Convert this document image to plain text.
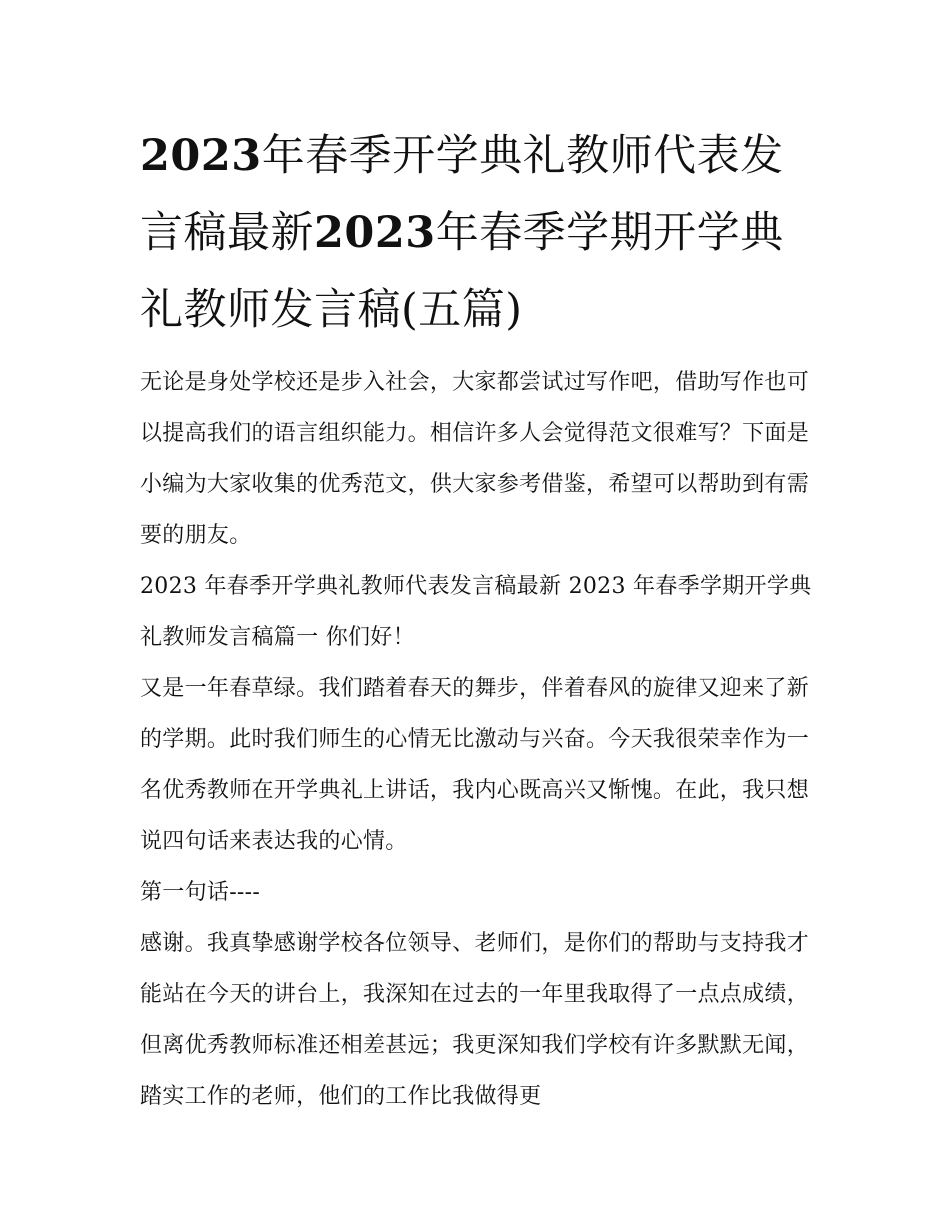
2023年春季开学典礼教师代表发言稿最新2023年春季学期开学典礼教师发言稿(五篇)

无论是身处学校还是步入社会，大家都尝试过写作吧，借助写作也可以提高我们的语言组织能力。相信许多人会觉得范文很难写？下面是小编为大家收集的优秀范文，供大家参考借鉴，希望可以帮助到有需要的朋友。

2023 年春季开学典礼教师代表发言稿最新 2023 年春季学期开学典礼教师发言稿篇一 你们好！

又是一年春草绿。我们踏着春天的舞步，伴着春风的旋律又迎来了新的学期。此时我们师生的心情无比激动与兴奋。今天我很荣幸作为一名优秀教师在开学典礼上讲话，我内心既高兴又惭愧。在此，我只想说四句话来表达我的心情。

第一句话----

感谢。我真挚感谢学校各位领导、老师们，是你们的帮助与支持我才能站在今天的讲台上，我深知在过去的一年里我取得了一点点成绩，但离优秀教师标准还相差甚远；我更深知我们学校有许多默默无闻，踏实工作的老师，他们的工作比我做得更
